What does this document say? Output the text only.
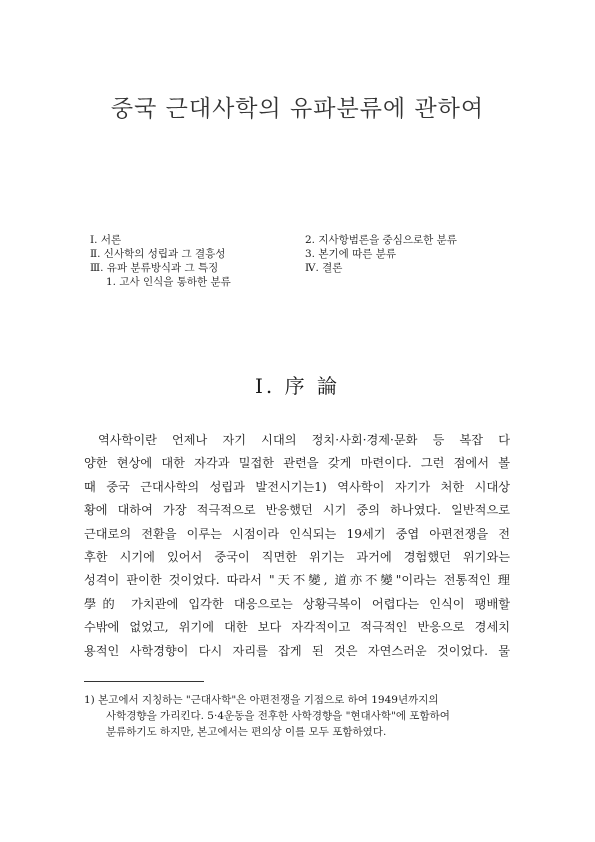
중국 근대사학의 유파분류에 관하여
Ⅰ. 서론
Ⅱ. 신사학의 성립과 그 결흥성
Ⅲ. 유파 분류방식과 그 특징
1. 고사 인식을 통하한 분류
2. 지사항범론을 중심으로한 분류
3. 본기에 따른 분류
Ⅳ. 결론
Ⅰ. 序 論
역사학이란 언제나 자기 시대의 정치·사회·경제·문화 등 복잡 다
양한 현상에 대한 자각과 밀접한 관련을 갖게 마련이다. 그런 점에서 볼
때 중국 근대사학의 성립과 발전시기는1) 역사학이 자기가 처한 시대상
황에 대하여 가장 적극적으로 반응했던 시기 중의 하나였다. 일반적으로
근대로의 전환을 이루는 시점이라 인식되는 19세기 중엽 아편전쟁을 전
후한 시기에 있어서 중국이 직면한 위기는 과거에 경험했던 위기와는
성격이 판이한 것이었다. 따라서 "天不變, 道亦不變"이라는 전통적인 理
學的 가치관에 입각한 대응으로는 상황극복이 어렵다는 인식이 팽배할
수밖에 없었고, 위기에 대한 보다 자각적이고 적극적인 반응으로 경세치
용적인 사학경향이 다시 자리를 잡게 된 것은 자연스러운 것이었다. 물
1) 본고에서 지칭하는 "근대사학"은 아편전쟁을 기점으로 하여 1949년까지의
사학경향을 가리킨다. 5·4운동을 전후한 사학경향을 "현대사학"에 포함하여
분류하기도 하지만, 본고에서는 편의상 이를 모두 포함하였다.
